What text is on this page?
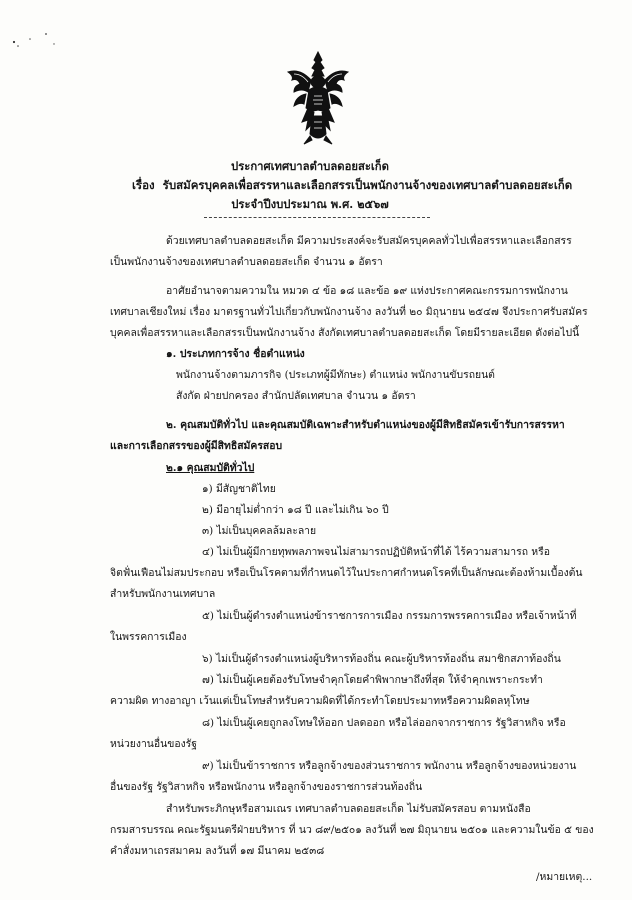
ประกาศเทศบาลตำบลดอยสะเก็ด
เรื่อง รับสมัครบุคคลเพื่อสรรหาและเลือกสรรเป็นพนักงานจ้างของเทศบาลตำบลดอยสะเก็ด
ประจำปีงบประมาณ พ.ศ. ๒๕๖๗
ด้วยเทศบาลตำบลดอยสะเก็ด มีความประสงค์จะรับสมัครบุคคลทั่วไปเพื่อสรรหาและเลือกสรร
เป็นพนักงานจ้างของเทศบาลตำบลดอยสะเก็ด จำนวน ๑ อัตรา
อาศัยอำนาจตามความใน หมวด ๔ ข้อ ๑๘ และข้อ ๑๙ แห่งประกาศคณะกรรมการพนักงาน
เทศบาลเชียงใหม่ เรื่อง มาตรฐานทั่วไปเกี่ยวกับพนักงานจ้าง ลงวันที่ ๒๐ มิถุนายน ๒๕๔๗ จึงประกาศรับสมัคร
บุคคลเพื่อสรรหาและเลือกสรรเป็นพนักงานจ้าง สังกัดเทศบาลตำบลดอยสะเก็ด โดยมีรายละเอียด ดังต่อไปนี้
๑. ประเภทการจ้าง ชื่อตำแหน่ง
พนักงานจ้างตามภารกิจ (ประเภทผู้มีทักษะ) ตำแหน่ง พนักงานขับรถยนต์
สังกัด ฝ่ายปกครอง สำนักปลัดเทศบาล จำนวน ๑ อัตรา
๒. คุณสมบัติทั่วไป และคุณสมบัติเฉพาะสำหรับตำแหน่งของผู้มีสิทธิสมัครเข้ารับการสรรหา
และการเลือกสรรของผู้มีสิทธิสมัครสอบ
๒.๑ คุณสมบัติทั่วไป
๑) มีสัญชาติไทย
๒) มีอายุไม่ต่ำกว่า ๑๘ ปี และไม่เกิน ๖๐ ปี
๓) ไม่เป็นบุคคลล้มละลาย
๔) ไม่เป็นผู้มีกายทุพพลภาพจนไม่สามารถปฏิบัติหน้าที่ได้ ไร้ความสามารถ หรือ
จิตฟั่นเฟือนไม่สมประกอบ หรือเป็นโรคตามที่กำหนดไว้ในประกาศกำหนดโรคที่เป็นลักษณะต้องห้ามเบื้องต้น
สำหรับพนักงานเทศบาล
๕) ไม่เป็นผู้ดำรงตำแหน่งข้าราชการการเมือง กรรมการพรรคการเมือง หรือเจ้าหน้าที่
ในพรรคการเมือง
๖) ไม่เป็นผู้ดำรงตำแหน่งผู้บริหารท้องถิ่น คณะผู้บริหารท้องถิ่น สมาชิกสภาท้องถิ่น
๗) ไม่เป็นผู้เคยต้องรับโทษจำคุกโดยคำพิพากษาถึงที่สุด ให้จำคุกเพราะกระทำ
ความผิด ทางอาญา เว้นแต่เป็นโทษสำหรับความผิดที่ได้กระทำโดยประมาทหรือความผิดลหุโทษ
๘) ไม่เป็นผู้เคยถูกลงโทษให้ออก ปลดออก หรือไล่ออกจากราชการ รัฐวิสาหกิจ หรือ
หน่วยงานอื่นของรัฐ
๙) ไม่เป็นข้าราชการ หรือลูกจ้างของส่วนราชการ พนักงาน หรือลูกจ้างของหน่วยงาน
อื่นของรัฐ รัฐวิสาหกิจ หรือพนักงาน หรือลูกจ้างของราชการส่วนท้องถิ่น
สำหรับพระภิกษุหรือสามเณร เทศบาลตำบลดอยสะเก็ด ไม่รับสมัครสอบ ตามหนังสือ
กรมสารบรรณ คณะรัฐมนตรีฝ่ายบริหาร ที่ นว ๘๙/๒๕๐๑ ลงวันที่ ๒๗ มิถุนายน ๒๕๐๑ และความในข้อ ๕ ของ
คำสั่งมหาเถรสมาคม ลงวันที่ ๑๗ มีนาคม ๒๕๓๘
/หมายเหตุ...
